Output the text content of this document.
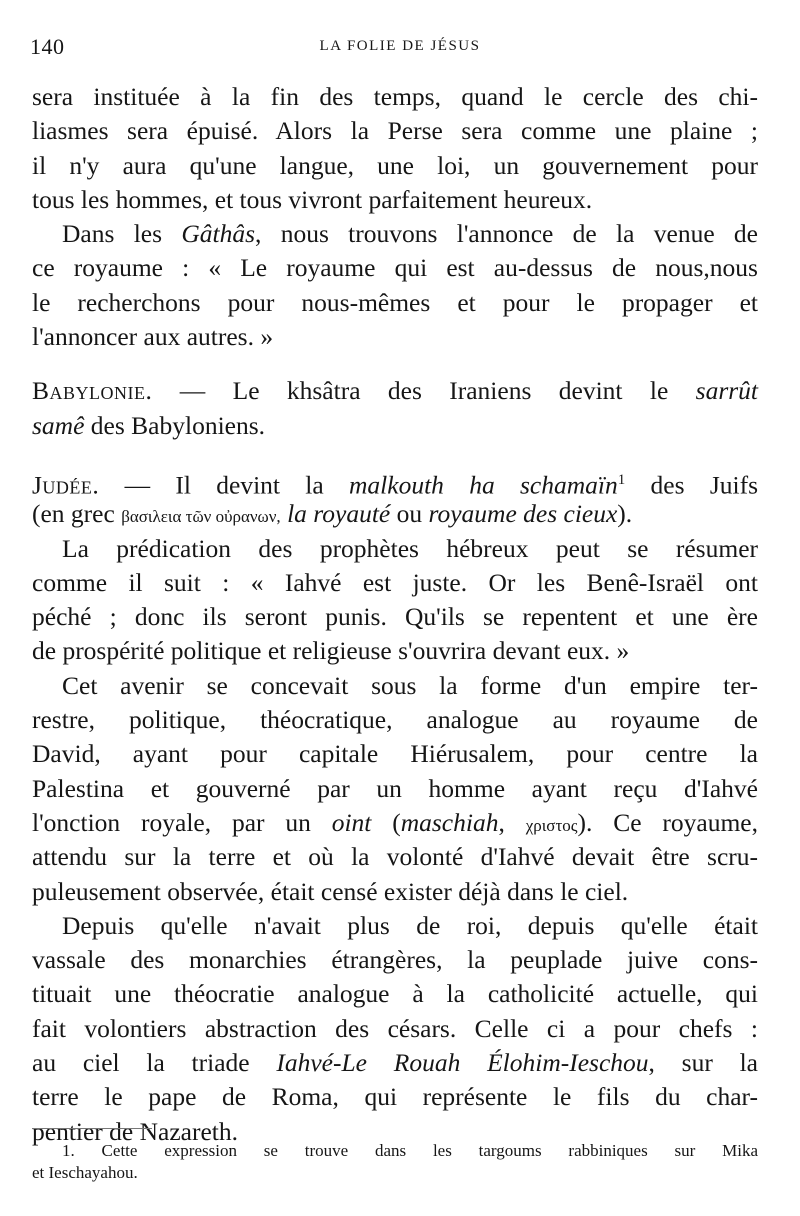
140	LA FOLIE DE JÉSUS
sera instituée à la fin des temps, quand le cercle des chi-
liasmes sera épuisé. Alors la Perse sera comme une plaine ;
il n'y aura qu'une langue, une loi, un gouvernement pour
tous les hommes, et tous vivront parfaitement heureux.
Dans les Gâthâs, nous trouvons l'annonce de la venue de
ce royaume : « Le royaume qui est au-dessus de nous,nous
le recherchons pour nous-mêmes et pour le propager et
l'annoncer aux autres. »
Babylonie. — Le khsâtra des Iraniens devint le sarrût
samê des Babyloniens.
Judée. — Il devint la malkouth ha schamaïn$^1$ des Juifs
(en grec βασιλεια τῶν οὐρανων, la royauté ou royaume des cieux).
La prédication des prophètes hébreux peut se résumer
comme il suit : « Iahvé est juste. Or les Benê-Israël ont
péché ; donc ils seront punis. Qu'ils se repentent et une ère
de prospérité politique et religieuse s'ouvrira devant eux. »
Cet avenir se concevait sous la forme d'un empire ter-
restre, politique, théocratique, analogue au royaume de
David, ayant pour capitale Hiérusalem, pour centre la
Palestina et gouverné par un homme ayant reçu d'Iahvé
l'onction royale, par un oint (maschiah, χριστος). Ce royaume,
attendu sur la terre et où la volonté d'Iahvé devait être scru-
puleusement observée, était censé exister déjà dans le ciel.
Depuis qu'elle n'avait plus de roi, depuis qu'elle était
vassale des monarchies étrangères, la peuplade juive cons-
tituait une théocratie analogue à la catholicité actuelle, qui
fait volontiers abstraction des césars. Celle ci a pour chefs :
au ciel la triade Iahvé-Le Rouah Élohim-Ieschou, sur la
terre le pape de Roma, qui représente le fils du char-
pentier de Nazareth.
1. Cette expression se trouve dans les targoums rabbiniques sur Mika
et Ieschayahou.
